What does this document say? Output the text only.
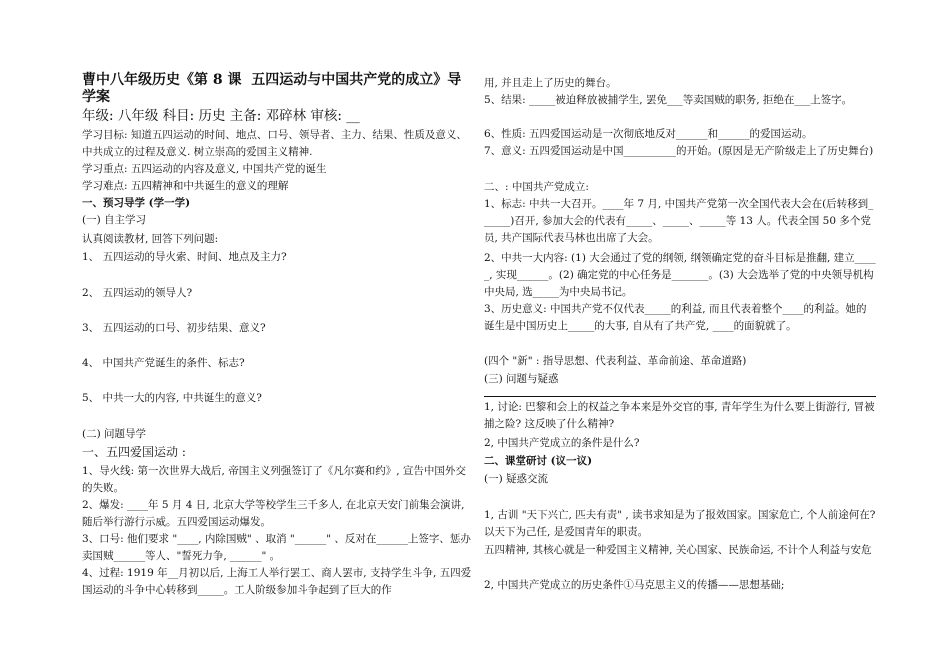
曹中八年级历史《第 8 课  五四运动与中国共产党的成立》导学案
年级: 八年级 科目: 历史 主备: 邓碎林 审核: __
学习目标: 知道五四运动的时间、地点、口号、领导者、主力、结果、性质及意义、中共成立的过程及意义. 树立崇高的爱国主义精神.
学习重点: 五四运动的内容及意义, 中国共产党的诞生
学习难点: 五四精神和中共诞生的意义的理解
一、预习导学 (学一学)
(一) 自主学习
认真阅读教材, 回答下列问题:
1、 五四运动的导火索、时间、地点及主力?
2、 五四运动的领导人?
3、 五四运动的口号、初步结果、意义?
4、 中国共产党诞生的条件、标志?
5、 中共一大的内容, 中共诞生的意义?
(二) 问题导学
一、五四爱国运动 :
1、导火线: 第一次世界大战后, 帝国主义列强签订了《凡尔赛和约》, 宣告中国外交的失败。
2、爆发: ____年 5 月 4 日, 北京大学等校学生三千多人, 在北京天安门前集会演讲, 随后举行游行示威。五四爱国运动爆发。
3、口号: 他们要求 "____, 内除国贼" 、取消 "______" 、反对在______上签字、惩办卖国贼______等人、"誓死力争, ______" 。
4、过程: 1919 年__月初以后, 上海工人举行罢工、商人罢市, 支持学生斗争, 五四爱国运动的斗争中心转移到_____。工人阶级参加斗争起到了巨大的作
用, 并且走上了历史的舞台。
5、结果: _____被迫释放被捕学生, 罢免___等卖国贼的职务, 拒绝在___上签字。
6、性质: 五四爱国运动是一次彻底地反对______和______的爱国运动。
7、意义: 五四爱国运动是中国__________的开始。(原因是无产阶级走上了历史舞台)
二、: 中国共产党成立:
1、标志: 中共一大召开。____年 7 月, 中国共产党第一次全国代表大会在(后转移到______)召开, 参加大会的代表有_____、_____、_____等 13 人。代表全国 50 多个党员, 共产国际代表马林也出席了大会。
2、中共一大内容: (1) 大会通过了党的纲领, 纲领确定党的奋斗目标是推翻, 建立_____, 实现______。(2) 确定党的中心任务是_______。(3) 大会选举了党的中央领导机构中央局, 选_____为中央局书记。
3、历史意义: 中国共产党不仅代表_____的利益, 而且代表着整个____的利益。她的诞生是中国历史上_____的大事, 自从有了共产党, ____的面貌就了。
(四个 "新" : 指导思想、代表利益、革命前途、革命道路)
(三) 问题与疑惑
1, 讨论: 巴黎和会上的权益之争本来是外交官的事, 青年学生为什么要上街游行, 冒被捕之险? 这反映了什么精神?
2, 中国共产党成立的条件是什么?
二、课堂研讨 (议一议)
(一) 疑惑交流
1, 古训 "天下兴亡, 匹夫有责" , 读书求知是为了报效国家。国家危亡, 个人前途何在? 以天下为己任, 是爱国青年的职责。
五四精神, 其核心就是一种爱国主义精神, 关心国家、民族命运, 不计个人利益与安危
2, 中国共产党成立的历史条件①马克思主义的传播——思想基础;
